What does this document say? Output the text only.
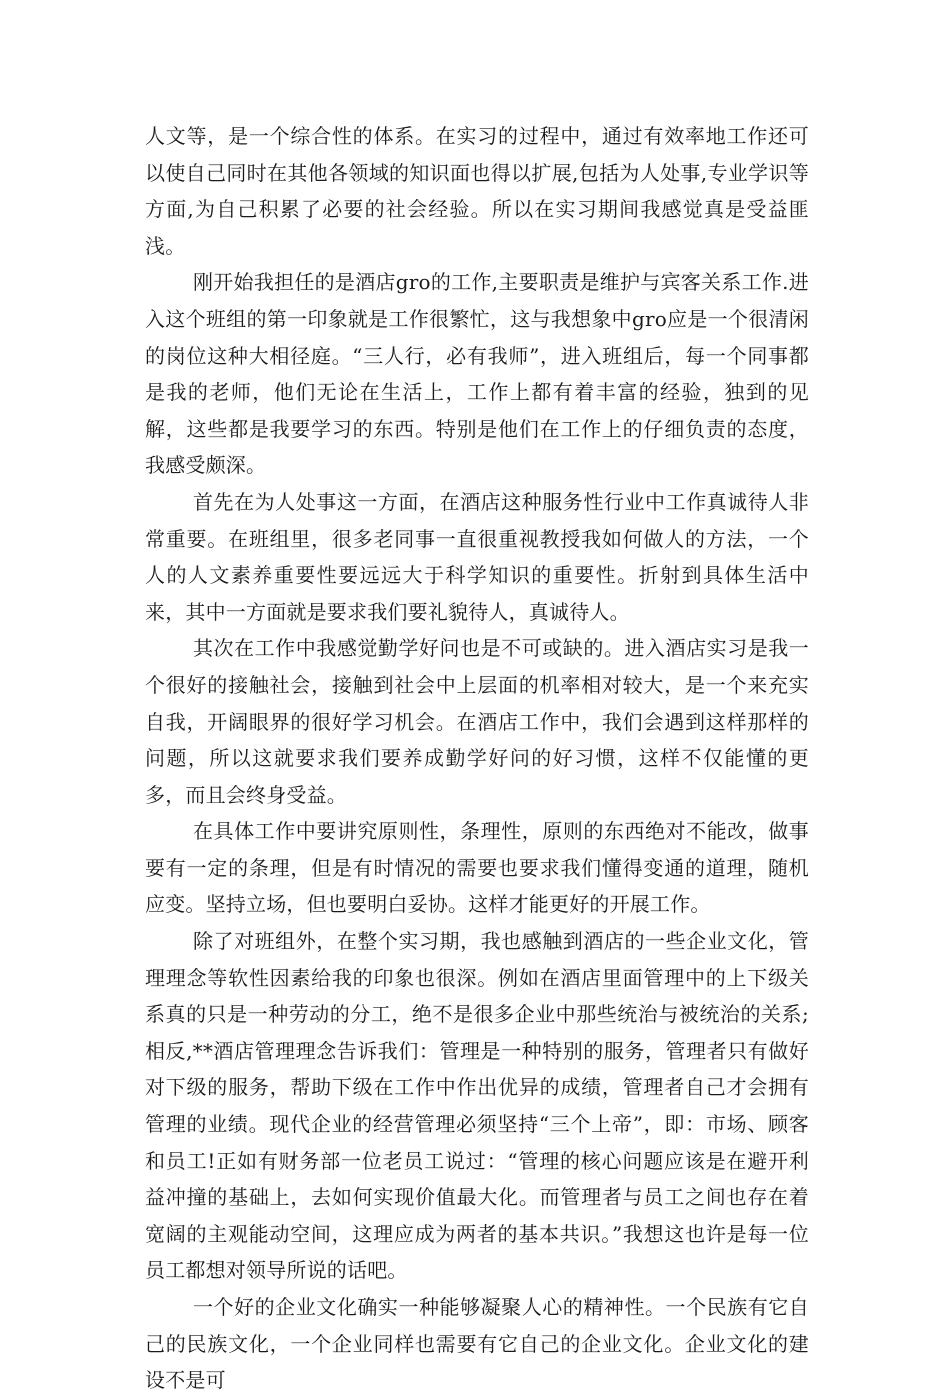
人文等，是一个综合性的体系。在实习的过程中，通过有效率地工作还可以使自己同时在其他各领域的知识面也得以扩展,包括为人处事,专业学识等方面,为自己积累了必要的社会经验。所以在实习期间我感觉真是受益匪浅。

刚开始我担任的是酒店gro的工作,主要职责是维护与宾客关系工作.进入这个班组的第一印象就是工作很繁忙，这与我想象中gro应是一个很清闲的岗位这种大相径庭。“三人行，必有我师”，进入班组后，每一个同事都是我的老师，他们无论在生活上，工作上都有着丰富的经验，独到的见解，这些都是我要学习的东西。特别是他们在工作上的仔细负责的态度，我感受颇深。

首先在为人处事这一方面，在酒店这种服务性行业中工作真诚待人非常重要。在班组里，很多老同事一直很重视教授我如何做人的方法，一个人的人文素养重要性要远远大于科学知识的重要性。折射到具体生活中来，其中一方面就是要求我们要礼貌待人，真诚待人。

其次在工作中我感觉勤学好问也是不可或缺的。进入酒店实习是我一个很好的接触社会，接触到社会中上层面的机率相对较大，是一个来充实自我，开阔眼界的很好学习机会。在酒店工作中，我们会遇到这样那样的问题，所以这就要求我们要养成勤学好问的好习惯，这样不仅能懂的更多，而且会终身受益。

在具体工作中要讲究原则性，条理性，原则的东西绝对不能改，做事要有一定的条理，但是有时情况的需要也要求我们懂得变通的道理，随机应变。坚持立场，但也要明白妥协。这样才能更好的开展工作。

除了对班组外，在整个实习期，我也感触到酒店的一些企业文化，管理理念等软性因素给我的印象也很深。例如在酒店里面管理中的上下级关系真的只是一种劳动的分工，绝不是很多企业中那些统治与被统治的关系;相反,**酒店管理理念告诉我们：管理是一种特别的服务，管理者只有做好对下级的服务，帮助下级在工作中作出优异的成绩，管理者自己才会拥有管理的业绩。现代企业的经营管理必须坚持“三个上帝”，即：市场、顾客和员工!正如有财务部一位老员工说过：“管理的核心问题应该是在避开利益冲撞的基础上，去如何实现价值最大化。而管理者与员工之间也存在着宽阔的主观能动空间，这理应成为两者的基本共识。”我想这也许是每一位员工都想对领导所说的话吧。

一个好的企业文化确实一种能够凝聚人心的精神性。一个民族有它自己的民族文化，一个企业同样也需要有它自己的企业文化。企业文化的建设不是可
